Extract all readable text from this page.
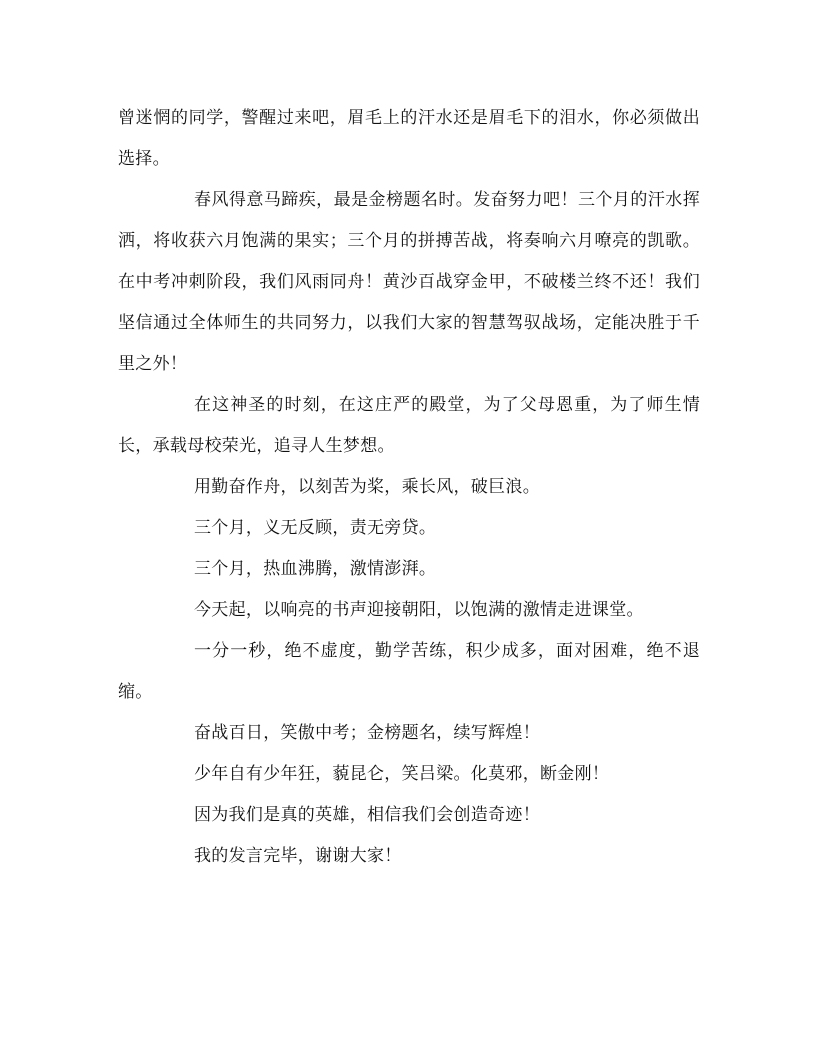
曾迷惘的同学，警醒过来吧，眉毛上的汗水还是眉毛下的泪水，你必须做出选择。

春风得意马蹄疾，最是金榜题名时。发奋努力吧！三个月的汗水挥洒，将收获六月饱满的果实；三个月的拼搏苦战，将奏响六月嘹亮的凯歌。在中考冲刺阶段，我们风雨同舟！黄沙百战穿金甲，不破楼兰终不还！我们坚信通过全体师生的共同努力，以我们大家的智慧驾驭战场，定能决胜于千里之外！

在这神圣的时刻，在这庄严的殿堂，为了父母恩重，为了师生情长，承载母校荣光，追寻人生梦想。

用勤奋作舟，以刻苦为桨，乘长风，破巨浪。

三个月，义无反顾，责无旁贷。

三个月，热血沸腾，激情澎湃。

今天起，以响亮的书声迎接朝阳，以饱满的激情走进课堂。

一分一秒，绝不虚度，勤学苦练，积少成多，面对困难，绝不退缩。

奋战百日，笑傲中考；金榜题名，续写辉煌！

少年自有少年狂，藐昆仑，笑吕梁。化莫邪，断金刚！

因为我们是真的英雄，相信我们会创造奇迹！

我的发言完毕，谢谢大家！
